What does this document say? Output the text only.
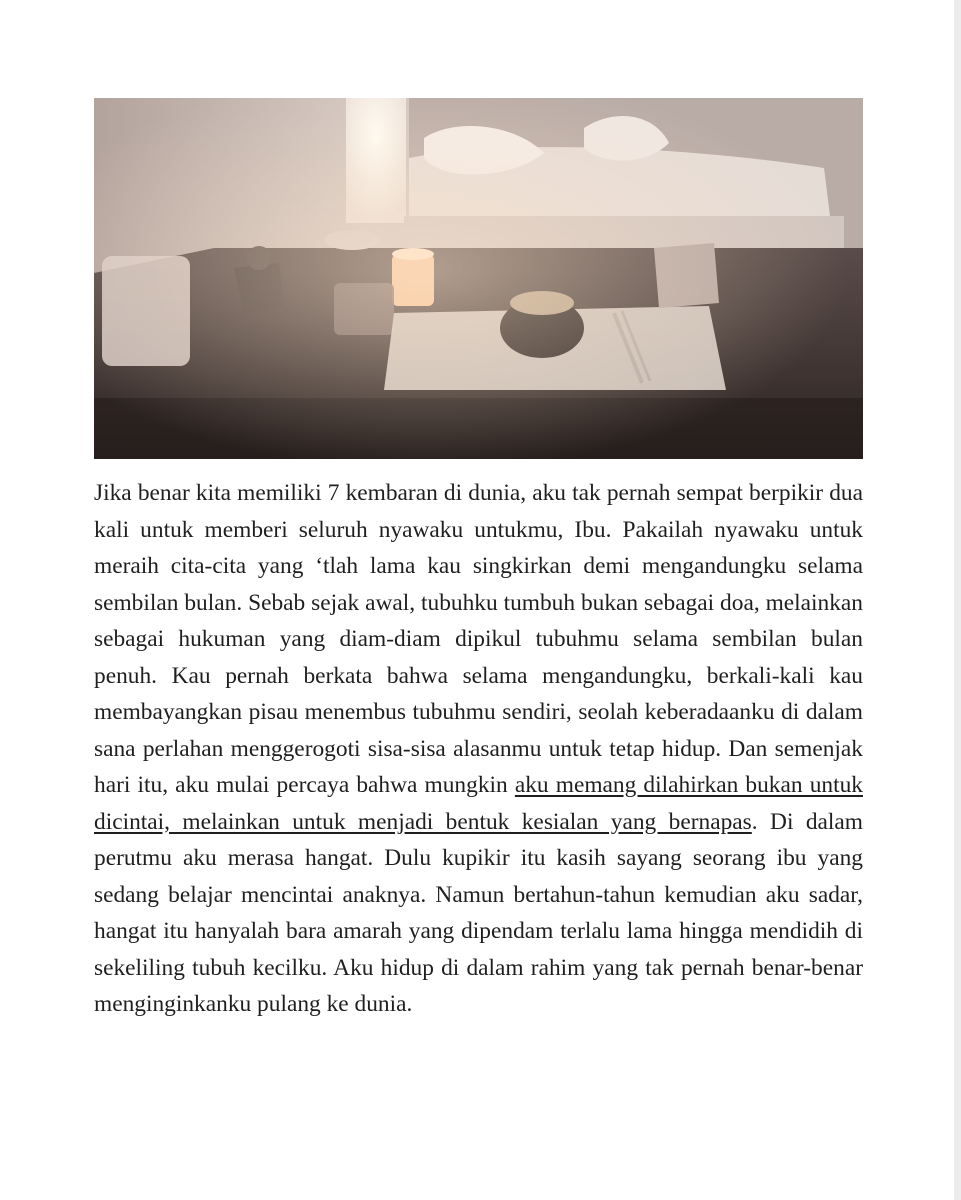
Jika benar kita memiliki 7 kembaran di dunia, aku tak pernah sempat berpikir dua kali untuk memberi seluruh nyawaku untukmu, Ibu. Pakailah nyawaku untuk meraih cita-cita yang ‘tlah lama kau singkirkan demi mengandungku selama sembilan bulan. Sebab sejak awal, tubuhku tumbuh bukan sebagai doa, melainkan sebagai hukuman yang diam-diam dipikul tubuhmu selama sembilan bulan penuh. Kau pernah berkata bahwa selama mengandungku, berkali-kali kau membayangkan pisau menembus tubuhmu sendiri, seolah keberadaanku di dalam sana perlahan menggerogoti sisa-sisa alasanmu untuk tetap hidup. Dan semenjak hari itu, aku mulai percaya bahwa mungkin aku memang dilahirkan bukan untuk dicintai, melainkan untuk menjadi bentuk kesialan yang bernapas. Di dalam perutmu aku merasa hangat. Dulu kupikir itu kasih sayang seorang ibu yang sedang belajar mencintai anaknya. Namun bertahun-tahun kemudian aku sadar, hangat itu hanyalah bara amarah yang dipendam terlalu lama hingga mendidih di sekeliling tubuh kecilku. Aku hidup di dalam rahim yang tak pernah benar-benar menginginkanku pulang ke dunia.
